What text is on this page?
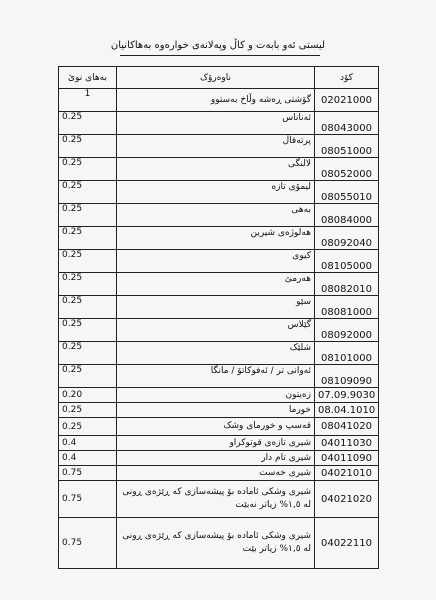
لیستی ئەو بابەت و کاڵ وپەلانەی خوارەوە بەهاکانیان
بەهای نوێ	ناوەرۆک	کۆد
1	گۆشتی ڕەشە وڵاخ بەستوو	02021000
0.25	ئەناناس	08043000
0.25	پرتەقاڵ	08051000
0.25	لالنگی	08052000
0.25	لیمۆی تازە	08055010
0.25	بەهی	08084000
0.25	هەلوژەی شیرین	08092040
0.25	کیوی	08105000
0.25	هەرمێ	08082010
0.25	سێو	08081000
0.25	گێلاس	08092000
0.25	شلێک	08101000
0.25	ئەوانی تر / ئەفوکاتۆ / مانگا	08109090
0.20	زەیتون	07.09.9030
0.25	خورما	08.04.1010
0.25	قەسپ و خورمای وشک	08041020
0.4	شیری تازەی قوتوکراو	04011030
0.4	شیری تام دار	04011090
0.75	شیری خەست	04021010
0.75	شیری وشکی ئامادە بۆ پیشەسازی کە ڕێژەی ڕونی لە ١,٥% زیاتر نەبێت	04021020
0.75	شیری وشکی ئامادە بۆ پیشەسازی کە ڕێژەی ڕونی لە ١,٥% زیاتر بێت	04022110
